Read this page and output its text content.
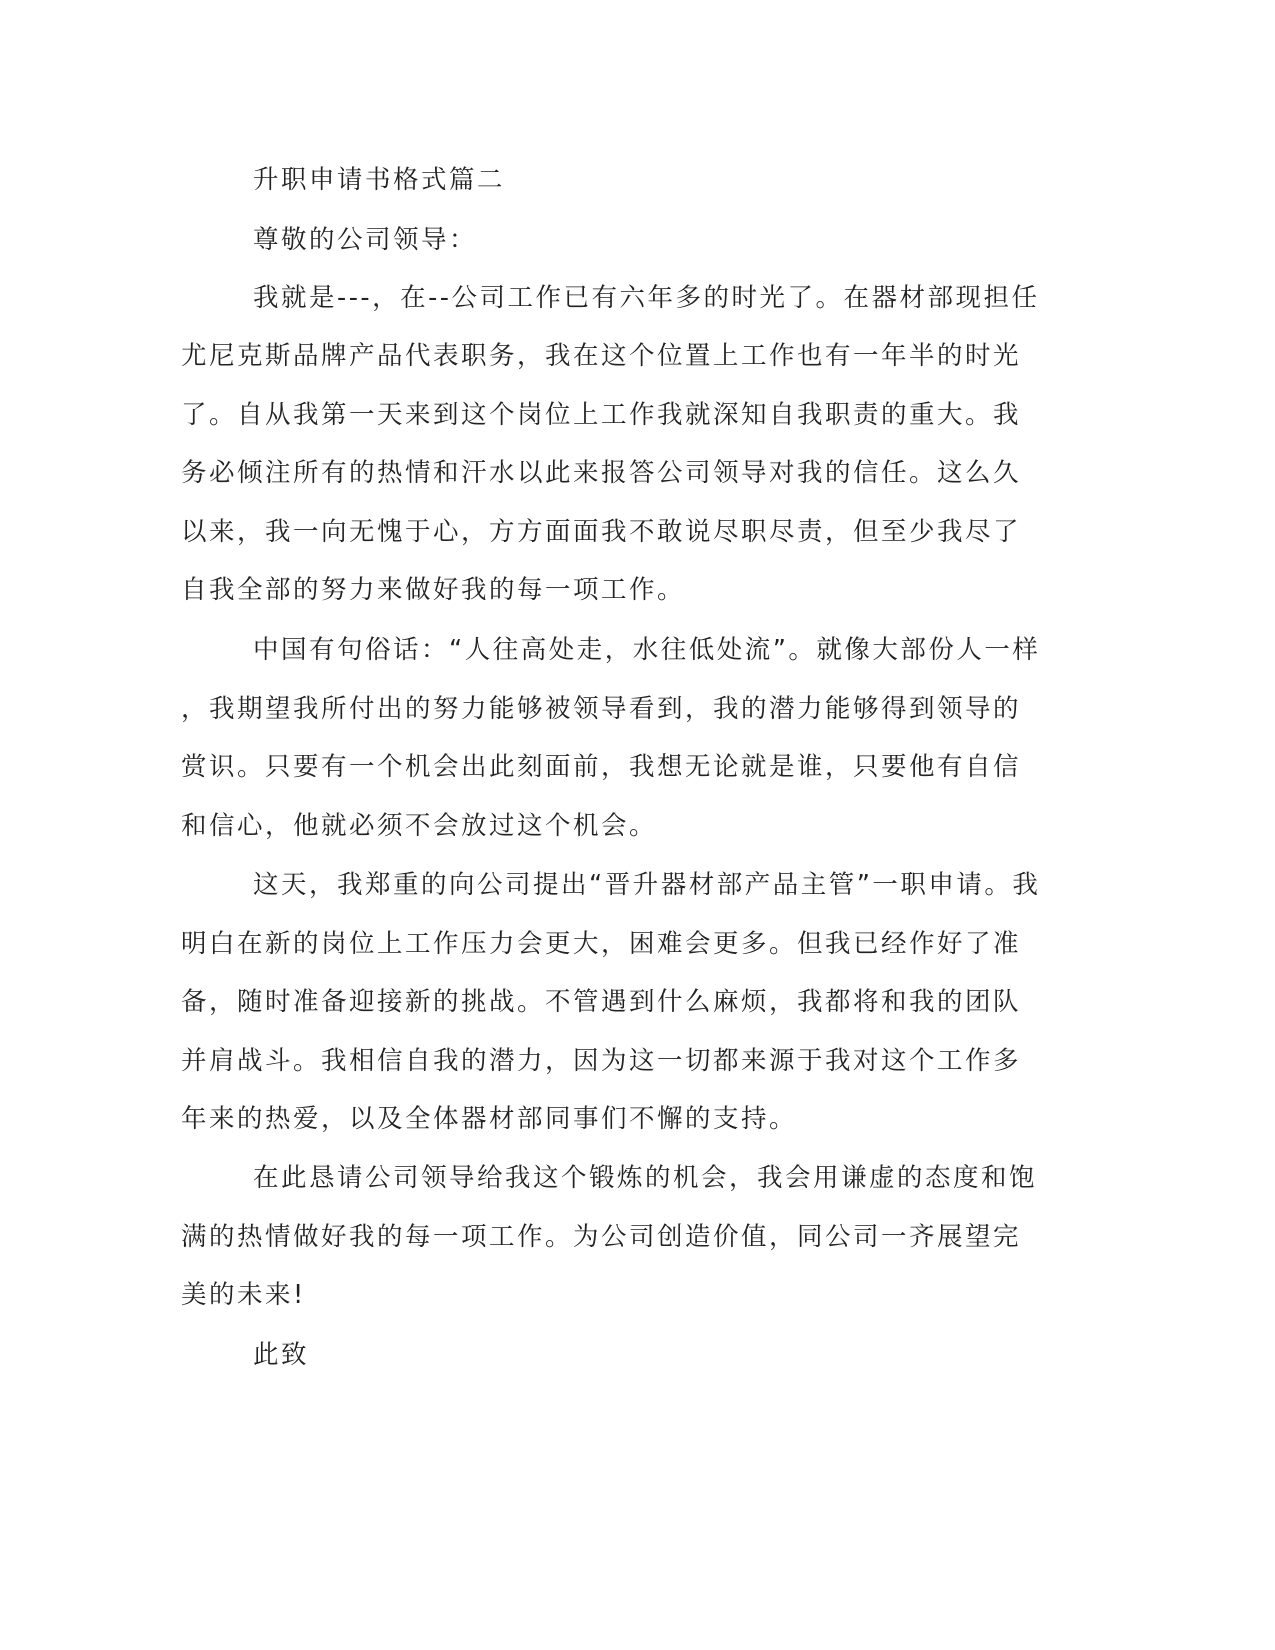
升职申请书格式篇二
尊敬的公司领导：
我就是---，在--公司工作已有六年多的时光了。在器材部现担任
尤尼克斯品牌产品代表职务，我在这个位置上工作也有一年半的时光
了。自从我第一天来到这个岗位上工作我就深知自我职责的重大。我
务必倾注所有的热情和汗水以此来报答公司领导对我的信任。这么久
以来，我一向无愧于心，方方面面我不敢说尽职尽责，但至少我尽了
自我全部的努力来做好我的每一项工作。
中国有句俗话：“人往高处走，水往低处流”。就像大部份人一样
，我期望我所付出的努力能够被领导看到，我的潜力能够得到领导的
赏识。只要有一个机会出此刻面前，我想无论就是谁，只要他有自信
和信心，他就必须不会放过这个机会。
这天，我郑重的向公司提出“晋升器材部产品主管”一职申请。我
明白在新的岗位上工作压力会更大，困难会更多。但我已经作好了准
备，随时准备迎接新的挑战。不管遇到什么麻烦，我都将和我的团队
并肩战斗。我相信自我的潜力，因为这一切都来源于我对这个工作多
年来的热爱，以及全体器材部同事们不懈的支持。
在此恳请公司领导给我这个锻炼的机会，我会用谦虚的态度和饱
满的热情做好我的每一项工作。为公司创造价值，同公司一齐展望完
美的未来!
此致
